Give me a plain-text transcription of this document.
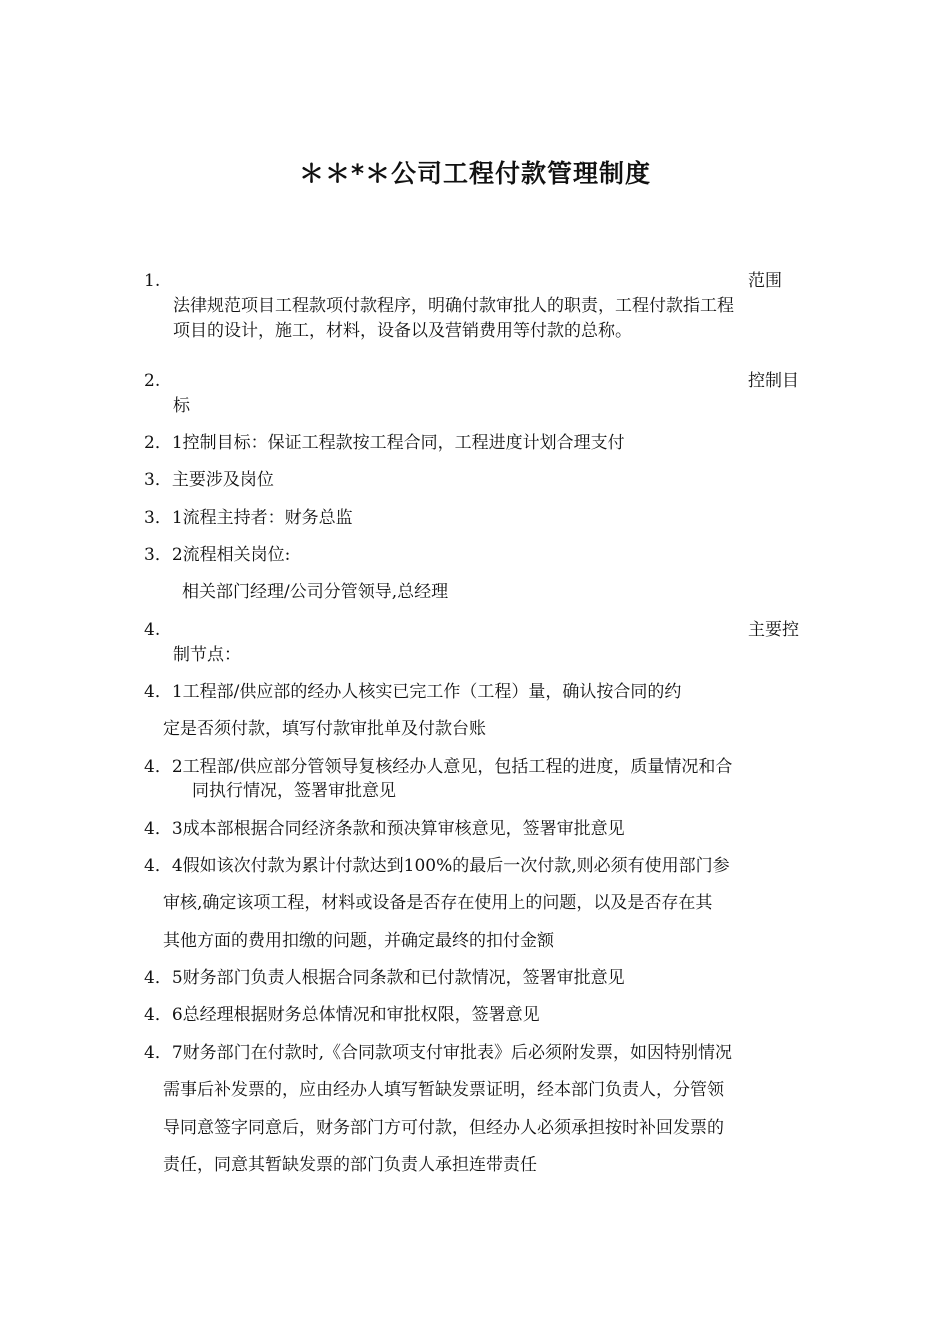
＊＊*＊公司工程付款管理制度
1.	范围
法律规范项目工程款项付款程序，明确付款审批人的职责，工程付款指工程
项目的设计，施工，材料，设备以及营销费用等付款的总称。
2.	控制目
标
2．1控制目标：保证工程款按工程合同，工程进度计划合理支付
3．主要涉及岗位
3．1流程主持者：财务总监
3．2流程相关岗位:
相关部门经理/公司分管领导,总经理
4.	主要控
制节点：
4．1工程部/供应部的经办人核实已完工作（工程）量，确认按合同的约
定是否须付款，填写付款审批单及付款台账
4．2工程部/供应部分管领导复核经办人意见，包括工程的进度，质量情况和合
同执行情况，签署审批意见
4．3成本部根据合同经济条款和预决算审核意见，签署审批意见
4．4假如该次付款为累计付款达到100%的最后一次付款,则必须有使用部门参
审核,确定该项工程，材料或设备是否存在使用上的问题，以及是否存在其
其他方面的费用扣缴的问题，并确定最终的扣付金额
4．5财务部门负责人根据合同条款和已付款情况，签署审批意见
4．6总经理根据财务总体情况和审批权限，签署意见
4．7财务部门在付款时,《合同款项支付审批表》后必须附发票，如因特别情况
需事后补发票的，应由经办人填写暂缺发票证明，经本部门负责人，分管领
导同意签字同意后，财务部门方可付款，但经办人必须承担按时补回发票的
责任，同意其暂缺发票的部门负责人承担连带责任
